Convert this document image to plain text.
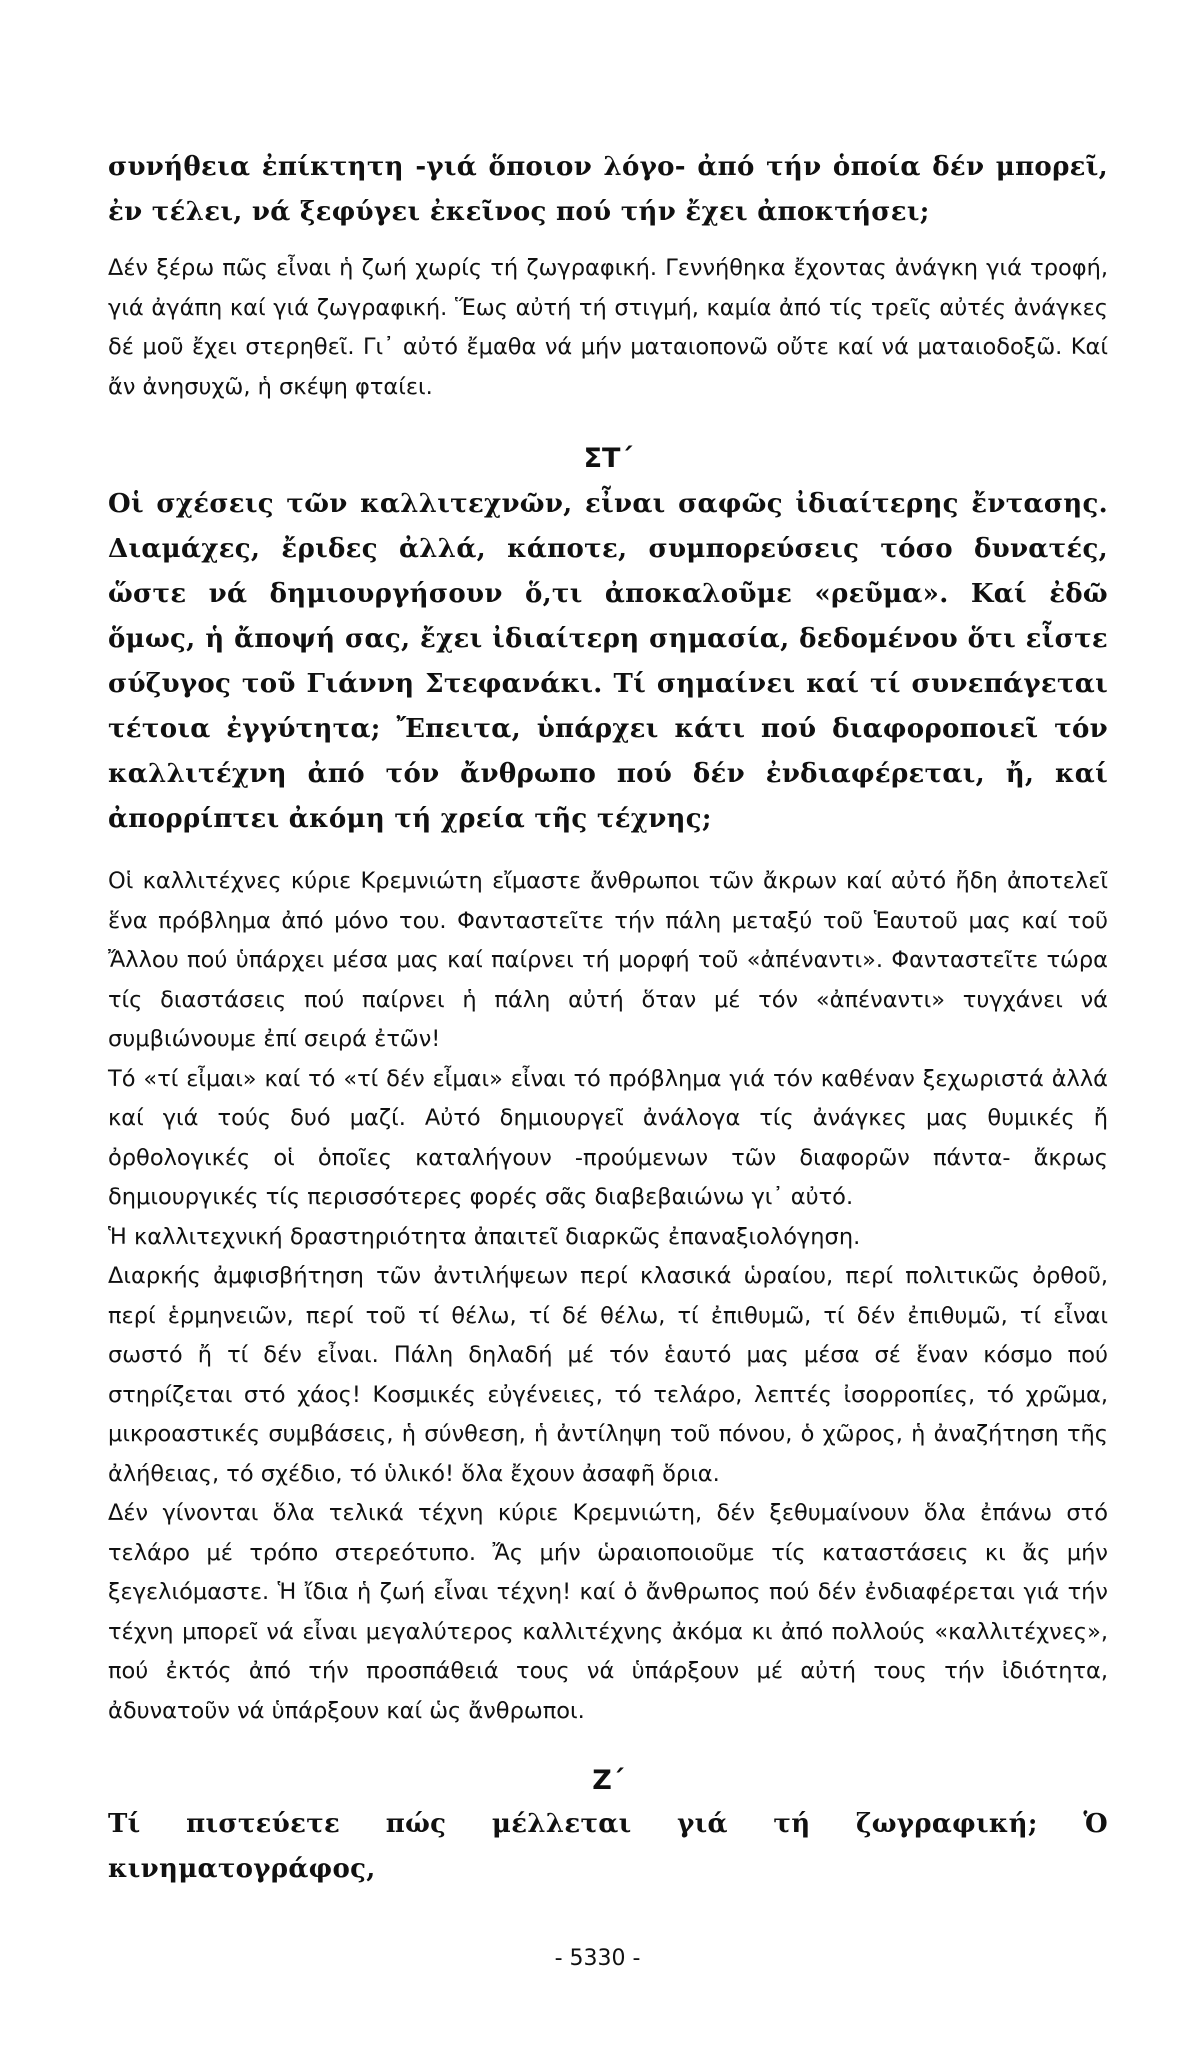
συνήθεια ἐπίκτητη -γιά ὅποιον λόγο- ἀπό τήν ὁποία δέν μπορεῖ, ἐν τέλει, νά ξεφύγει ἐκεῖνος πού τήν ἔχει ἀποκτήσει;

Δέν ξέρω πῶς εἶναι ἡ ζωή χωρίς τή ζωγραφική. Γεννήθηκα ἔχοντας ἀνάγκη γιά τροφή, γιά ἀγάπη καί γιά ζωγραφική. Ἕως αὐτή τή στιγμή, καμία ἀπό τίς τρεῖς αὐτές ἀνάγκες δέ μοῦ ἔχει στερηθεῖ. Γι᾽ αὐτό ἔμαθα νά μήν ματαιοπονῶ οὔτε καί νά ματαιοδοξῶ. Καί ἄν ἀνησυχῶ, ἡ σκέψη φταίει.

ΣΤ΄

Οἱ σχέσεις τῶν καλλιτεχνῶν, εἶναι σαφῶς ἰδιαίτερης ἔντασης. Διαμάχες, ἔριδες ἀλλά, κάποτε, συμπορεύσεις τόσο δυνατές, ὥστε νά δημιουργήσουν ὅ,τι ἀποκαλοῦμε «ρεῦμα». Καί ἐδῶ ὅμως, ἡ ἄποψή σας, ἔχει ἰδιαίτερη σημασία, δεδομένου ὅτι εἶστε σύζυγος τοῦ Γιάννη Στεφανάκι. Τί σημαίνει καί τί συνεπάγεται τέτοια ἐγγύτητα; Ἔπειτα, ὑπάρχει κάτι πού διαφοροποιεῖ τόν καλλιτέχνη ἀπό τόν ἄνθρωπο πού δέν ἐνδιαφέρεται, ἤ, καί ἀπορρίπτει ἀκόμη τή χρεία τῆς τέχνης;

Οἱ καλλιτέχνες κύριε Κρεμνιώτη εἴμαστε ἄνθρωποι τῶν ἄκρων καί αὐτό ἤδη ἀποτελεῖ ἕνα πρόβλημα ἀπό μόνο του. Φανταστεῖτε τήν πάλη μεταξύ τοῦ Ἑαυτοῦ μας καί τοῦ Ἄλλου πού ὑπάρχει μέσα μας καί παίρνει τή μορφή τοῦ «ἀπέναντι». Φανταστεῖτε τώρα τίς διαστάσεις πού παίρνει ἡ πάλη αὐτή ὅταν μέ τόν «ἀπέναντι» τυγχάνει νά συμβιώνουμε ἐπί σειρά ἐτῶν!

Τό «τί εἶμαι» καί τό «τί δέν εἶμαι» εἶναι τό πρόβλημα γιά τόν καθέναν ξεχωριστά ἀλλά καί γιά τούς δυό μαζί. Αὐτό δημιουργεῖ ἀνάλογα τίς ἀνάγκες μας θυμικές ἤ ὀρθολογικές οἱ ὁποῖες καταλήγουν -προύμενων τῶν διαφορῶν πάντα- ἄκρως δημιουργικές τίς περισσότερες φορές σᾶς διαβεβαιώνω γι᾽ αὐτό.

Ἡ καλλιτεχνική δραστηριότητα ἀπαιτεῖ διαρκῶς ἐπαναξιολόγηση.

Διαρκής ἀμφισβήτηση τῶν ἀντιλήψεων περί κλασικά ὡραίου, περί πολιτικῶς ὀρθοῦ, περί ἑρμηνειῶν, περί τοῦ τί θέλω, τί δέ θέλω, τί ἐπιθυμῶ, τί δέν ἐπιθυμῶ, τί εἶναι σωστό ἤ τί δέν εἶναι. Πάλη δηλαδή μέ τόν ἑαυτό μας μέσα σέ ἕναν κόσμο πού στηρίζεται στό χάος! Κοσμικές εὐγένειες, τό τελάρο, λεπτές ἰσορροπίες, τό χρῶμα, μικροαστικές συμβάσεις, ἡ σύνθεση, ἡ ἀντίληψη τοῦ πόνου, ὁ χῶρος, ἡ ἀναζήτηση τῆς ἀλήθειας, τό σχέδιο, τό ὑλικό! ὅλα ἔχουν ἀσαφῆ ὅρια.

Δέν γίνονται ὅλα τελικά τέχνη κύριε Κρεμνιώτη, δέν ξεθυμαίνουν ὅλα ἐπάνω στό τελάρο μέ τρόπο στερεότυπο. Ἄς μήν ὡραιοποιοῦμε τίς καταστάσεις κι ἄς μήν ξεγελιόμαστε. Ἡ ἴδια ἡ ζωή εἶναι τέχνη! καί ὁ ἄνθρωπος πού δέν ἐνδιαφέρεται γιά τήν τέχνη μπορεῖ νά εἶναι μεγαλύτερος καλλιτέχνης ἀκόμα κι ἀπό πολλούς «καλλιτέχνες», πού ἐκτός ἀπό τήν προσπάθειά τους νά ὑπάρξουν μέ αὐτή τους τήν ἰδιότητα, ἀδυνατοῦν νά ὑπάρξουν καί ὡς ἄνθρωποι.

Ζ΄

Τί πιστεύετε πώς μέλλεται γιά τή ζωγραφική; Ὁ κινηματογράφος,

- 5330 -
